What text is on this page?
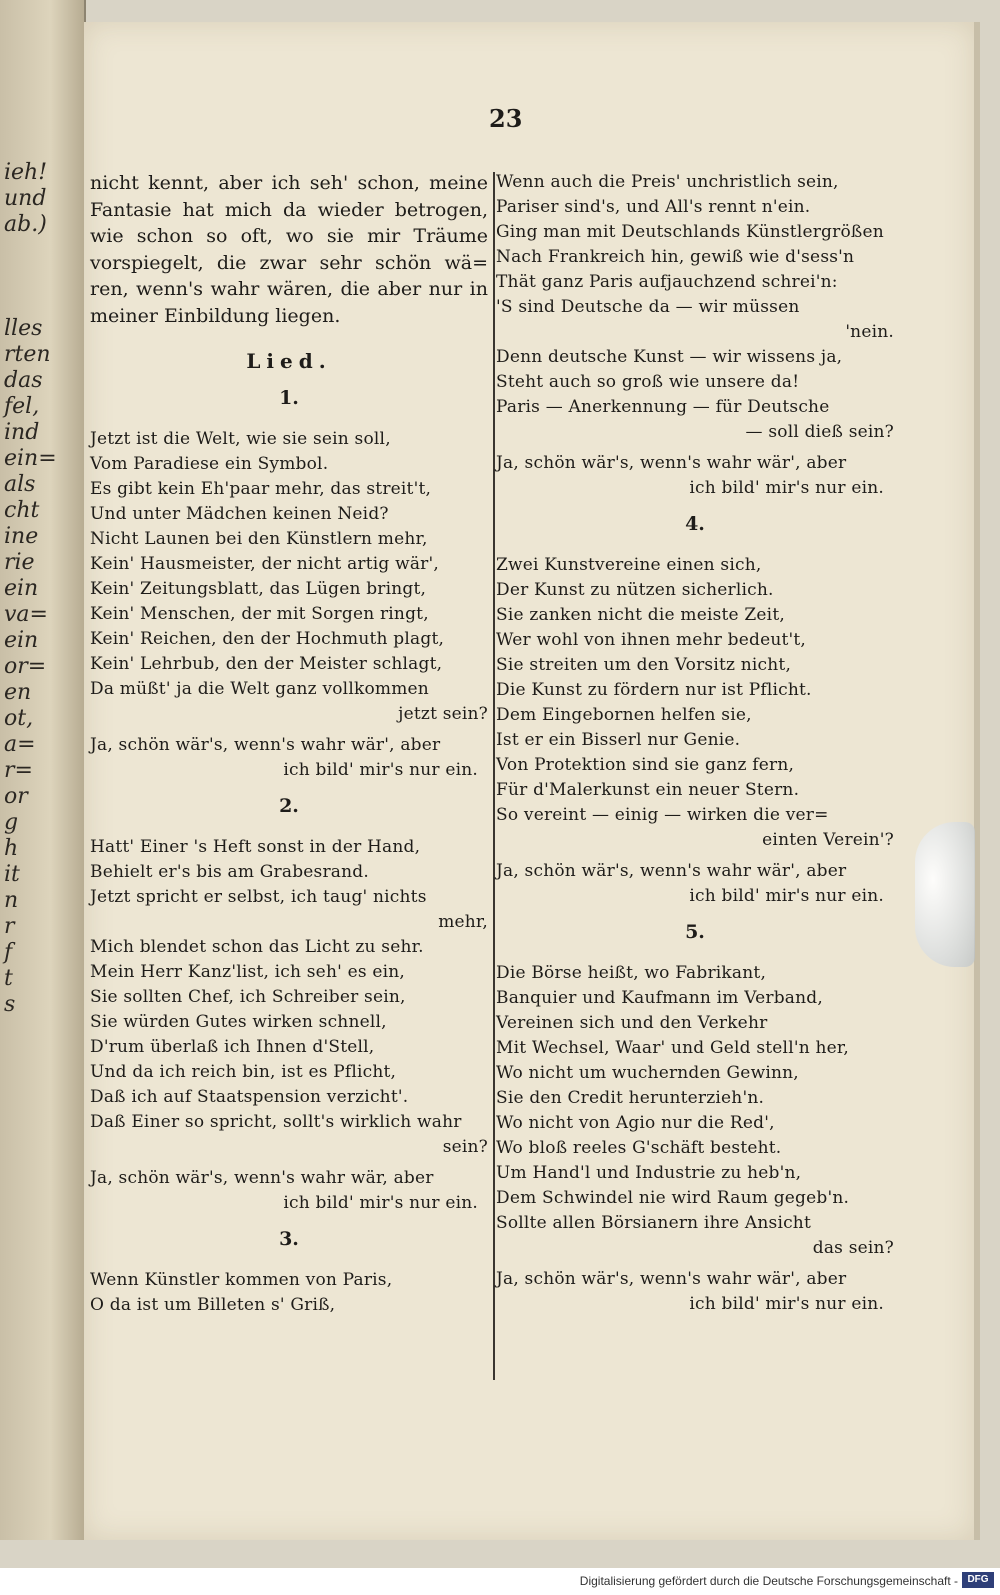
ieh!
und
ab.)
lles
rten
das
fel,
ind
ein=
als
cht
ine
rie
ein
va=
ein
or=
en
ot,
a=
r=
or
g
h
it
n
r
f
t
s
23
nicht kennt, aber ich seh' schon, meine Fantasie hat mich da wieder betrogen, wie schon so oft, wo sie mir Träume vorspiegelt, die zwar sehr schön wä= ren, wenn's wahr wären, die aber nur in meiner Einbildung liegen.
Lied.
1.
Jetzt ist die Welt, wie sie sein soll,
Vom Paradiese ein Symbol.
Es gibt kein Eh'paar mehr, das streit't,
Und unter Mädchen keinen Neid?
Nicht Launen bei den Künstlern mehr,
Kein' Hausmeister, der nicht artig wär',
Kein' Zeitungsblatt, das Lügen bringt,
Kein' Menschen, der mit Sorgen ringt,
Kein' Reichen, den der Hochmuth plagt,
Kein' Lehrbub, den der Meister schlagt,
Da müßt' ja die Welt ganz vollkommen
jetzt sein?
Ja, schön wär's, wenn's wahr wär', aber
ich bild' mir's nur ein.
2.
Hatt' Einer 's Heft sonst in der Hand,
Behielt er's bis am Grabesrand.
Jetzt spricht er selbst, ich taug' nichts
mehr,
Mich blendet schon das Licht zu sehr.
Mein Herr Kanz'list, ich seh' es ein,
Sie sollten Chef, ich Schreiber sein,
Sie würden Gutes wirken schnell,
D'rum überlaß ich Ihnen d'Stell,
Und da ich reich bin, ist es Pflicht,
Daß ich auf Staatspension verzicht'.
Daß Einer so spricht, sollt's wirklich wahr
sein?
Ja, schön wär's, wenn's wahr wär, aber
ich bild' mir's nur ein.
3.
Wenn Künstler kommen von Paris,
O da ist um Billeten s' Griß,
Wenn auch die Preis' unchristlich sein,
Pariser sind's, und All's rennt n'ein.
Ging man mit Deutschlands Künstlergrößen
Nach Frankreich hin, gewiß wie d'sess'n
Thät ganz Paris aufjauchzend schrei'n:
'S sind Deutsche da — wir müssen
'nein.
Denn deutsche Kunst — wir wissens ja,
Steht auch so groß wie unsere da!
Paris — Anerkennung — für Deutsche
— soll dieß sein?
Ja, schön wär's, wenn's wahr wär', aber
ich bild' mir's nur ein.
4.
Zwei Kunstvereine einen sich,
Der Kunst zu nützen sicherlich.
Sie zanken nicht die meiste Zeit,
Wer wohl von ihnen mehr bedeut't,
Sie streiten um den Vorsitz nicht,
Die Kunst zu fördern nur ist Pflicht.
Dem Eingebornen helfen sie,
Ist er ein Bisserl nur Genie.
Von Protektion sind sie ganz fern,
Für d'Malerkunst ein neuer Stern.
So vereint — einig — wirken die ver=
einten Verein'?
Ja, schön wär's, wenn's wahr wär', aber
ich bild' mir's nur ein.
5.
Die Börse heißt, wo Fabrikant,
Banquier und Kaufmann im Verband,
Vereinen sich und den Verkehr
Mit Wechsel, Waar' und Geld stell'n her,
Wo nicht um wuchernden Gewinn,
Sie den Credit herunterzieh'n.
Wo nicht von Agio nur die Red',
Wo bloß reeles G'schäft besteht.
Um Hand'l und Industrie zu heb'n,
Dem Schwindel nie wird Raum gegeb'n.
Sollte allen Börsianern ihre Ansicht
das sein?
Ja, schön wär's, wenn's wahr wär', aber
ich bild' mir's nur ein.
Digitalisierung gefördert durch die Deutsche Forschungsgemeinschaft - DFG
